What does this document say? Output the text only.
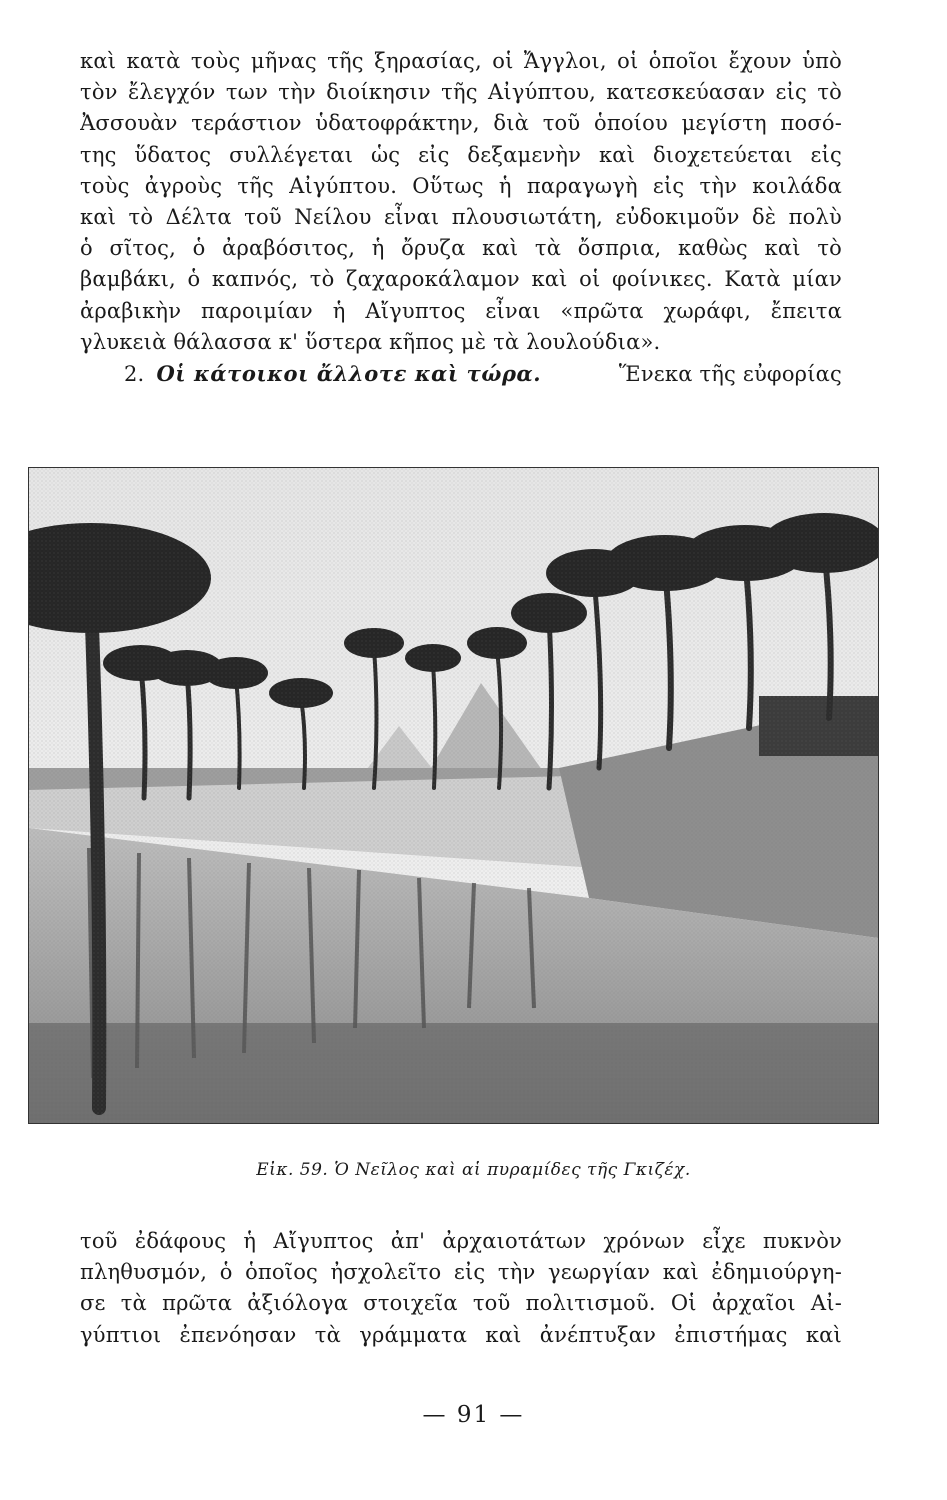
καὶ κατὰ τοὺς μῆνας τῆς ξηρασίας, οἱ Ἄγγλοι, οἱ ὁποῖοι ἔχουν ὑπὸ
τὸν ἔλεγχόν των τὴν διοίκησιν τῆς Αἰγύπτου, κατεσκεύασαν εἰς τὸ
Ἀσσουὰν τεράστιον ὑδατοφράκτην, διὰ τοῦ ὁποίου μεγίστη ποσό-
της ὕδατος συλλέγεται ὡς εἰς δεξαμενὴν καὶ διοχετεύεται εἰς
τοὺς ἀγροὺς τῆς Αἰγύπτου. Οὕτως ἡ παραγωγὴ εἰς τὴν κοιλάδα
καὶ τὸ Δέλτα τοῦ Νείλου εἶναι πλουσιωτάτη, εὐδοκιμοῦν δὲ πολὺ
ὁ σῖτος, ὁ ἀραβόσιτος, ἡ ὄρυζα καὶ τὰ ὄσπρια, καθὼς καὶ τὸ
βαμβάκι, ὁ καπνός, τὸ ζαχαροκάλαμον καὶ οἱ φοίνικες. Κατὰ μίαν
ἀραβικὴν παροιμίαν ἡ Αἴγυπτος εἶναι «πρῶτα χωράφι, ἔπειτα
γλυκειὰ θάλασσα κ' ὕστερα κῆπος μὲ τὰ λουλούδια».
2. Οἱ κάτοικοι ἄλλοτε καὶ τώρα.	Ἕνεκα τῆς εὐφορίας
Εἰκ. 59. Ὁ Νεῖλος καὶ αἱ πυραμίδες τῆς Γκιζέχ.
τοῦ ἐδάφους ἡ Αἴγυπτος ἀπ' ἀρχαιοτάτων χρόνων εἶχε πυκνὸν
πληθυσμόν, ὁ ὁποῖος ἠσχολεῖτο εἰς τὴν γεωργίαν καὶ ἐδημιούργη-
σε τὰ πρῶτα ἀξιόλογα στοιχεῖα τοῦ πολιτισμοῦ. Οἱ ἀρχαῖοι Αἰ-
γύπτιοι ἐπενόησαν τὰ γράμματα καὶ ἀνέπτυξαν ἐπιστήμας καὶ
— 91 —
